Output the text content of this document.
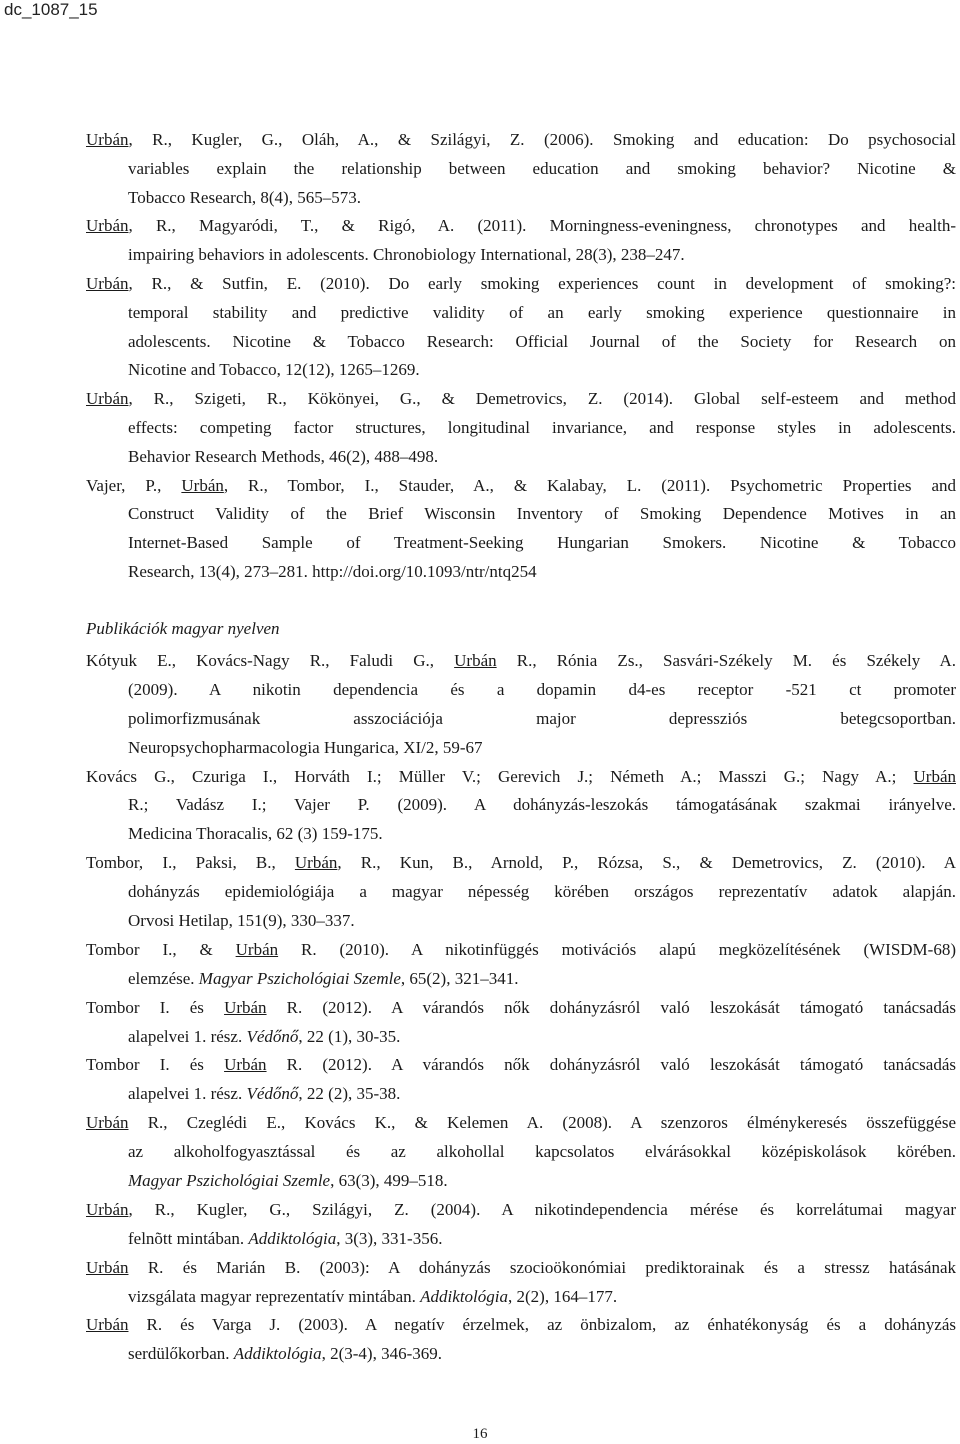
dc_1087_15
Urbán, R., Kugler, G., Oláh, A., & Szilágyi, Z. (2006). Smoking and education: Do psychosocial
variables explain the relationship between education and smoking behavior? Nicotine &
Tobacco Research, 8(4), 565–573.
Urbán, R., Magyaródi, T., & Rigó, A. (2011). Morningness-eveningness, chronotypes and health-
impairing behaviors in adolescents. Chronobiology International, 28(3), 238–247.
Urbán, R., & Sutfin, E. (2010). Do early smoking experiences count in development of smoking?:
temporal stability and predictive validity of an early smoking experience questionnaire in
adolescents. Nicotine & Tobacco Research: Official Journal of the Society for Research on
Nicotine and Tobacco, 12(12), 1265–1269.
Urbán, R., Szigeti, R., Kökönyei, G., & Demetrovics, Z. (2014). Global self-esteem and method
effects: competing factor structures, longitudinal invariance, and response styles in adolescents.
Behavior Research Methods, 46(2), 488–498.
Vajer, P., Urbán, R., Tombor, I., Stauder, A., & Kalabay, L. (2011). Psychometric Properties and
Construct Validity of the Brief Wisconsin Inventory of Smoking Dependence Motives in an
Internet-Based Sample of Treatment-Seeking Hungarian Smokers. Nicotine & Tobacco
Research, 13(4), 273–281. http://doi.org/10.1093/ntr/ntq254
Publikációk magyar nyelven
Kótyuk E., Kovács-Nagy R., Faludi G., Urbán R., Rónia Zs., Sasvári-Székely M. és Székely A.
(2009). A nikotin dependencia és a dopamin d4-es receptor -521 ct promoter
polimorfizmusának asszociációja major depressziós betegcsoportban.
Neuropsychopharmacologia Hungarica, XI/2, 59-67
Kovács G., Czuriga I., Horváth I.; Müller V.; Gerevich J.; Németh A.; Masszi G.; Nagy A.; Urbán
R.; Vadász I.; Vajer P. (2009). A dohányzás-leszokás támogatásának szakmai irányelve.
Medicina Thoracalis, 62 (3) 159-175.
Tombor, I., Paksi, B., Urbán, R., Kun, B., Arnold, P., Rózsa, S., & Demetrovics, Z. (2010). A
dohányzás epidemiológiája a magyar népesség körében országos reprezentatív adatok alapján.
Orvosi Hetilap, 151(9), 330–337.
Tombor I., & Urbán R. (2010). A nikotinfüggés motivációs alapú megközelítésének (WISDM-68)
elemzése. Magyar Pszichológiai Szemle, 65(2), 321–341.
Tombor I. és Urbán R. (2012). A várandós nők dohányzásról való leszokását támogató tanácsadás
alapelvei 1. rész. Védőnő, 22 (1), 30-35.
Tombor I. és Urbán R. (2012). A várandós nők dohányzásról való leszokását támogató tanácsadás
alapelvei 1. rész. Védőnő, 22 (2), 35-38.
Urbán R., Czeglédi E., Kovács K., & Kelemen A. (2008). A szenzoros élménykeresés összefüggése
az alkoholfogyasztással és az alkohollal kapcsolatos elvárásokkal középiskolások körében.
Magyar Pszichológiai Szemle, 63(3), 499–518.
Urbán, R., Kugler, G., Szilágyi, Z. (2004). A nikotindependencia mérése és korrelátumai magyar
felnõtt mintában. Addiktológia, 3(3), 331-356.
Urbán R. és Marián B. (2003): A dohányzás szocioökonómiai prediktorainak és a stressz hatásának
vizsgálata magyar reprezentatív mintában. Addiktológia, 2(2), 164–177.
Urbán R. és Varga J. (2003). A negatív érzelmek, az önbizalom, az énhatékonyság és a dohányzás
serdülőkorban. Addiktológia, 2(3-4), 346-369.
16
